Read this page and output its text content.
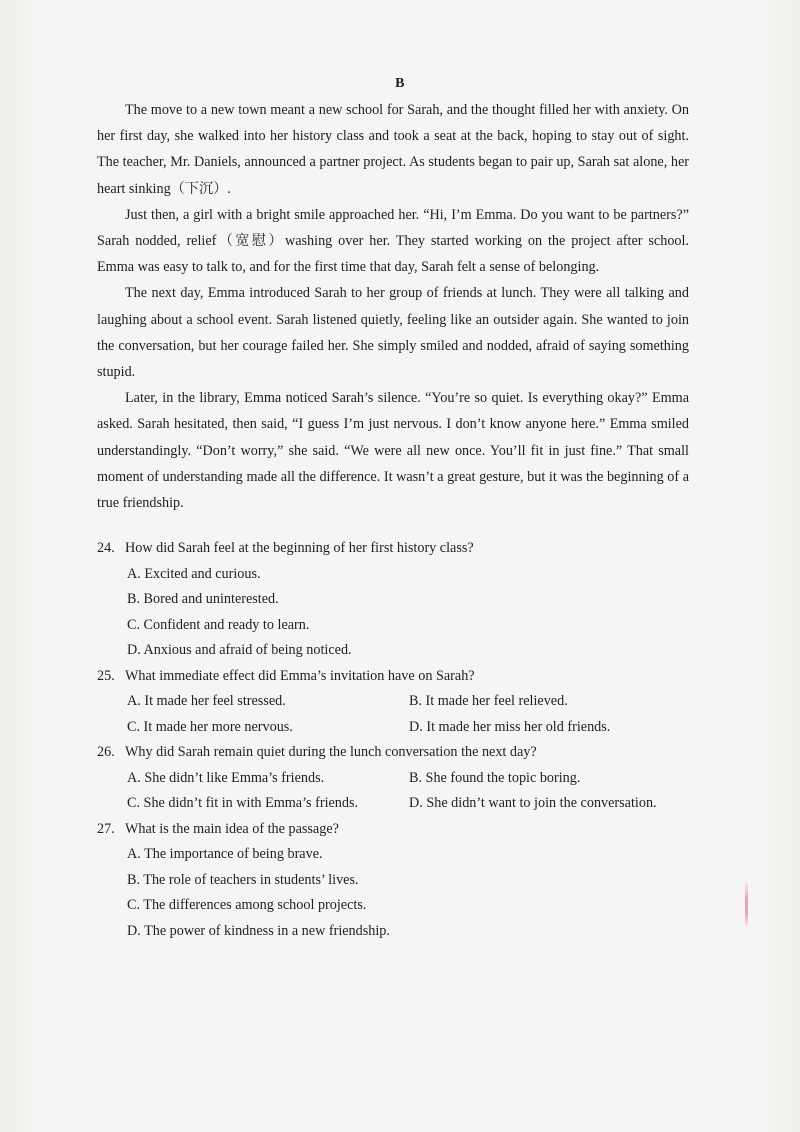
B

The move to a new town meant a new school for Sarah, and the thought filled her with anxiety. On her first day, she walked into her history class and took a seat at the back, hoping to stay out of sight. The teacher, Mr. Daniels, announced a partner project. As students began to pair up, Sarah sat alone, her heart sinking（下沉）.

Just then, a girl with a bright smile approached her. “Hi, I’m Emma. Do you want to be partners?” Sarah nodded, relief（宽慰）washing over her. They started working on the project after school. Emma was easy to talk to, and for the first time that day, Sarah felt a sense of belonging.

The next day, Emma introduced Sarah to her group of friends at lunch. They were all talking and laughing about a school event. Sarah listened quietly, feeling like an outsider again. She wanted to join the conversation, but her courage failed her. She simply smiled and nodded, afraid of saying something stupid.

Later, in the library, Emma noticed Sarah’s silence. “You’re so quiet. Is everything okay?” Emma asked. Sarah hesitated, then said, “I guess I’m just nervous. I don’t know anyone here.” Emma smiled understandingly. “Don’t worry,” she said. “We were all new once. You’ll fit in just fine.” That small moment of understanding made all the difference. It wasn’t a great gesture, but it was the beginning of a true friendship.

24. How did Sarah feel at the beginning of her first history class?
A. Excited and curious.
B. Bored and uninterested.
C. Confident and ready to learn.
D. Anxious and afraid of being noticed.
25. What immediate effect did Emma’s invitation have on Sarah?
A. It made her feel stressed.	B. It made her feel relieved.
C. It made her more nervous.	D. It made her miss her old friends.
26. Why did Sarah remain quiet during the lunch conversation the next day?
A. She didn’t like Emma’s friends.	B. She found the topic boring.
C. She didn’t fit in with Emma’s friends.	D. She didn’t want to join the conversation.
27. What is the main idea of the passage?
A. The importance of being brave.
B. The role of teachers in students’ lives.
C. The differences among school projects.
D. The power of kindness in a new friendship.
